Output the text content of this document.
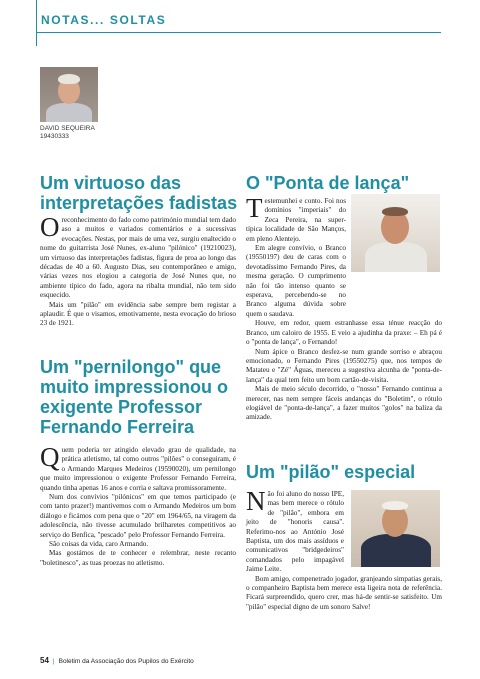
NOTAS... SOLTAS
DAVID SEQUEIRA
19430333
Um virtuoso das interpretações fadistas

Oreconhecimento do fado como património mundial tem dado aso a muitos e variados comentários e a sucessivas evocações. Nestas, por mais de uma vez, surgiu enaltecido o nome do guitarrista José Nunes, ex-aluno "pilónico" (19210023), um virtuoso das interpretações fadistas, figura de proa ao longo das décadas de 40 a 60. Augusto Dias, seu contemporâneo e amigo, várias vezes nos elogiou a categoria de José Nunes que, no ambiente típico do fado, agora na ribalta mundial, não tem sido esquecido.

Mais um "pilão" em evidência sabe sempre bem registar a aplaudir. É que o visamos, emotivamente, nesta evocação do brioso 23 de 1921.

Um "pernilongo" que muito impressionou o exigente Professor Fernando Ferreira

Quem poderia ter atingido elevado grau de qualidade, na prática atletismo, tal como outros "pilões" o conseguiram, é o Armando Marques Medeiros (19590020), um pernilongo que muito impressionou o exigente Professor Fernando Ferreira, quando tinha apenas 16 anos e corria e saltava promissoramente.

Num dos convívios "pilónicos" em que temos participado (e com tanto prazer!) mantivemos com o Armando Medeiros um bom diálogo e ficámos com pena que o "20" em 1964/65, na viragem da adolescência, não tivesse acumulado brilharetes competitivos ao serviço do Benfica, "pescado" pelo Professor Fernando Ferreira.

São coisas da vida, caro Armando.

Mas gostámos de te conhecer e relembrar, neste recanto "boletinesco", as tuas proezas no atletismo.

O "Ponta de lança"

T estemunhei e conto. Foi nos domínios "imperiais" do Zeca Pereira, na super-típica localidade de São Manços, em pleno Alentejo.

Em alegre convívio, o Branco (19550197) deu de caras com o devotadíssimo Fernando Pires, da mesma geração. O cumprimento não foi tão intenso quanto se esperava, percebendo-se no Branco alguma dúvida sobre quem o saudava.

Houve, em redor, quem estranhasse essa ténue reacção do Branco, um caloiro de 1955. E veio a ajudinha da praxe: – Eh pá é o "ponta de lança", o Fernando!

Num ápice o Branco desfez-se num grande sorriso e abraçou emocionado, o Fernando Pires (19550275) que, nos tempos de Matateu e "Zé" Águas, mereceu a sugestiva alcunha de "ponta-de-lança" da qual tem feito um bom cartão-de-visita.

Mais de meio século decorrido, o "nosso" Fernando continua a merecer, nas nem sempre fáceis andanças do "Boletim", o rótulo elogiável de "ponta-de-lança", a fazer muitos "golos" na baliza da amizade.

Um "pilão" especial

Não foi aluno do nosso IPE, mas bem merece o rótulo de "pilão", embora em jeito de "honoris causa". Referimo-nos ao António José Baptista, um dos mais assíduos e comunicativos "bridgedeiros" comandados pelo impagável Jaime Leite.

Bom amigo, compenetrado jogador, granjeando simpatias gerais, o companheiro Baptista bem merece esta ligeira nota de referência. Ficará surpreendido, quero crer, mas há-de sentir-se satisfeito. Um "pilão" especial digno de um sonoro Salve!

54 | Boletim da Associação dos Pupilos do Exército
